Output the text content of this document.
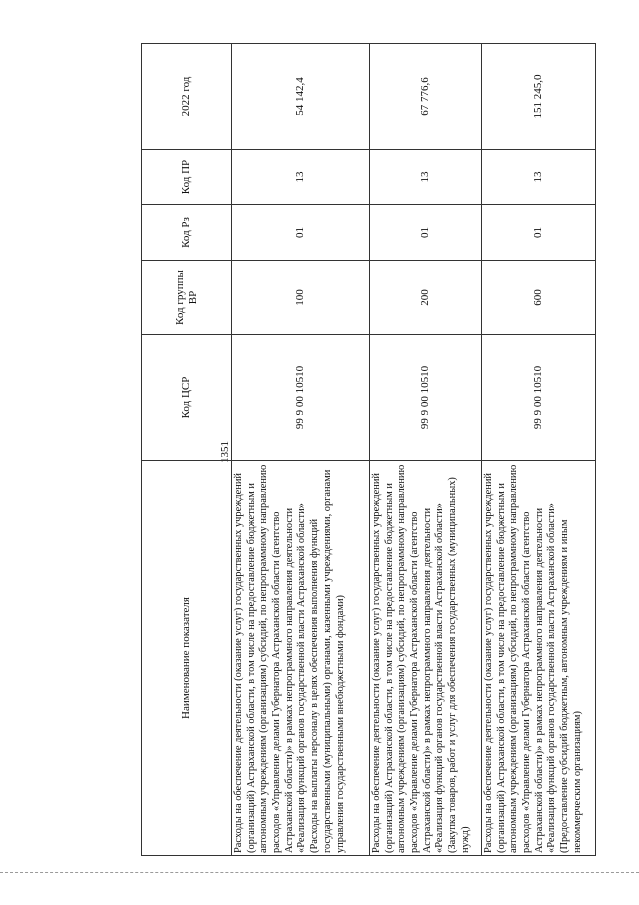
1351
Наименование показателя	Код ЦСР	Код группы ВР	Код Рз	Код ПР	2022 год
Расходы на обеспечение деятельности (оказание услуг) государственных учреждений (организаций) Астраханской области, в том числе на предоставление бюджетным и автономным учреждениям (организациям) субсидий, по непрограммному направлению расходов «Управление делами Губернатора Астраханской области (агентство Астраханской области)» в рамках непрограммного направления деятельности «Реализация функций органов государственной власти Астраханской области» (Расходы на выплаты персоналу в целях обеспечения выполнения функций государственными (муниципальными) органами, казенными учреждениями, органами управления государственными внебюджетными фондами)	99 9 00 10510	100	01	13	54 142,4
Расходы на обеспечение деятельности (оказание услуг) государственных учреждений (организаций) Астраханской области, в том числе на предоставление бюджетным и автономным учреждениям (организациям) субсидий, по непрограммному направлению расходов «Управление делами Губернатора Астраханской области (агентство Астраханской области)» в рамках непрограммного направления деятельности «Реализация функций органов государственной власти Астраханской области» (Закупка товаров, работ и услуг для обеспечения государственных (муниципальных) нужд)	99 9 00 10510	200	01	13	67 776,6
Расходы на обеспечение деятельности (оказание услуг) государственных учреждений (организаций) Астраханской области, в том числе на предоставление бюджетным и автономным учреждениям (организациям) субсидий, по непрограммному направлению расходов «Управление делами Губернатора Астраханской области (агентство Астраханской области)» в рамках непрограммного направления деятельности «Реализация функций органов государственной власти Астраханской области» (Предоставление субсидий бюджетным, автономным учреждениям и иным некоммерческим организациям)	99 9 00 10510	600	01	13	151 245,0
